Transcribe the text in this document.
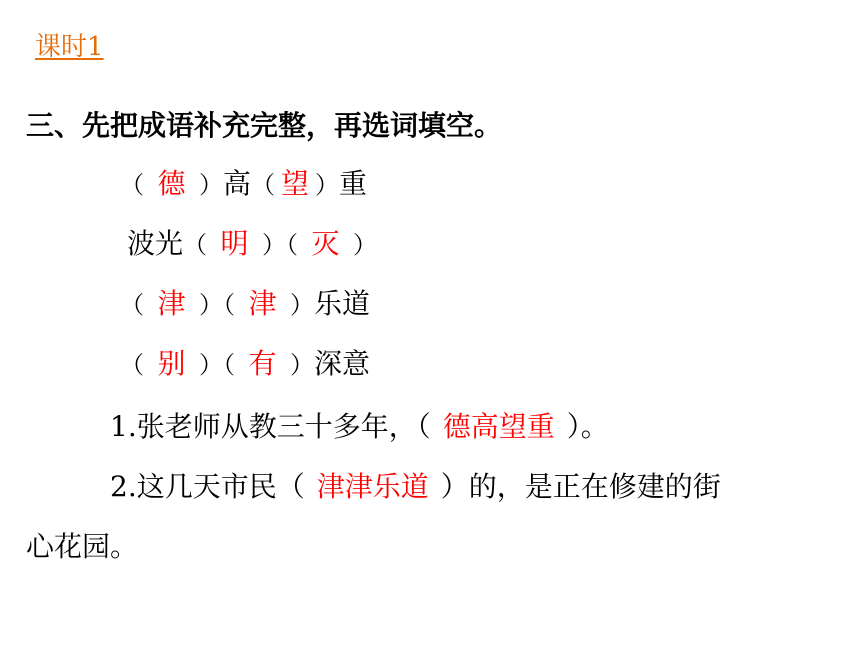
课时1
三、先把成语补充完整，再选词填空。
（ 德 ）高（ 望 ）重
波光（ 明 ）（ 灭 ）
（ 津 ）（ 津 ）乐道
（ 别 ）（ 有 ）深意
1.张老师从教三十多年，（ 德高望重 ）。
2.这几天市民（ 津津乐道 ）的，是正在修建的街
心花园。
